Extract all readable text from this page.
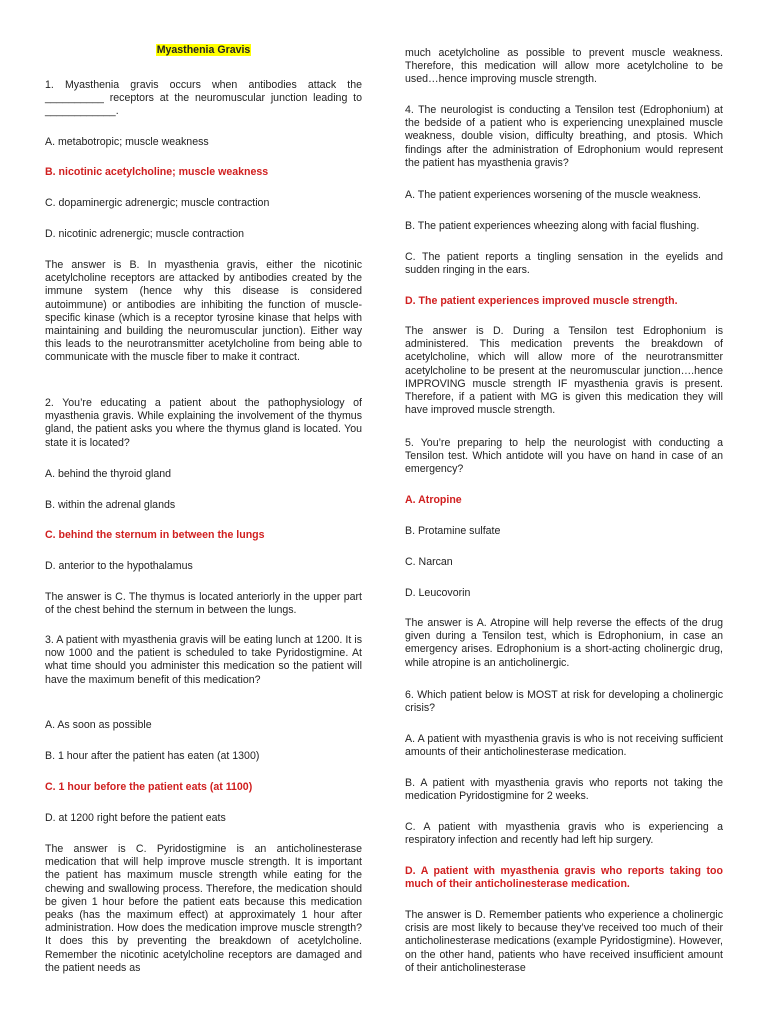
Myasthenia Gravis
1. Myasthenia gravis occurs when antibodies attack the __________ receptors at the neuromuscular junction leading to ____________.
A. metabotropic; muscle weakness
B. nicotinic acetylcholine; muscle weakness
C. dopaminergic adrenergic; muscle contraction
D. nicotinic adrenergic; muscle contraction
The answer is B. In myasthenia gravis, either the nicotinic acetylcholine receptors are attacked by antibodies created by the immune system (hence why this disease is considered autoimmune) or antibodies are inhibiting the function of muscle-specific kinase (which is a receptor tyrosine kinase that helps with maintaining and building the neuromuscular junction). Either way this leads to the neurotransmitter acetylcholine from being able to communicate with the muscle fiber to make it contract.
2. You’re educating a patient about the pathophysiology of myasthenia gravis. While explaining the involvement of the thymus gland, the patient asks you where the thymus gland is located. You state it is located?
A. behind the thyroid gland
B. within the adrenal glands
C. behind the sternum in between the lungs
D. anterior to the hypothalamus
The answer is C. The thymus is located anteriorly in the upper part of the chest behind the sternum in between the lungs.
3. A patient with myasthenia gravis will be eating lunch at 1200. It is now 1000 and the patient is scheduled to take Pyridostigmine. At what time should you administer this medication so the patient will have the maximum benefit of this medication?
A. As soon as possible
B. 1 hour after the patient has eaten (at 1300)
C. 1 hour before the patient eats (at 1100)
D. at 1200 right before the patient eats
The answer is C. Pyridostigmine is an anticholinesterase medication that will help improve muscle strength. It is important the patient has maximum muscle strength while eating for the chewing and swallowing process. Therefore, the medication should be given 1 hour before the patient eats because this medication peaks (has the maximum effect) at approximately 1 hour after administration. How does the medication improve muscle strength? It does this by preventing the breakdown of acetylcholine. Remember the nicotinic acetylcholine receptors are damaged and the patient needs as
much acetylcholine as possible to prevent muscle weakness. Therefore, this medication will allow more acetylcholine to be used…hence improving muscle strength.
4. The neurologist is conducting a Tensilon test (Edrophonium) at the bedside of a patient who is experiencing unexplained muscle weakness, double vision, difficulty breathing, and ptosis. Which findings after the administration of Edrophonium would represent the patient has myasthenia gravis?
A. The patient experiences worsening of the muscle weakness.
B. The patient experiences wheezing along with facial flushing.
C. The patient reports a tingling sensation in the eyelids and sudden ringing in the ears.
D. The patient experiences improved muscle strength.
The answer is D. During a Tensilon test Edrophonium is administered. This medication prevents the breakdown of acetylcholine, which will allow more of the neurotransmitter acetylcholine to be present at the neuromuscular junction….hence IMPROVING muscle strength IF myasthenia gravis is present. Therefore, if a patient with MG is given this medication they will have improved muscle strength.
5. You’re preparing to help the neurologist with conducting a Tensilon test. Which antidote will you have on hand in case of an emergency?
A. Atropine
B. Protamine sulfate
C. Narcan
D. Leucovorin
The answer is A. Atropine will help reverse the effects of the drug given during a Tensilon test, which is Edrophonium, in case an emergency arises. Edrophonium is a short-acting cholinergic drug, while atropine is an anticholinergic.
6. Which patient below is MOST at risk for developing a cholinergic crisis?
A. A patient with myasthenia gravis is who is not receiving sufficient amounts of their anticholinesterase medication.
B. A patient with myasthenia gravis who reports not taking the medication Pyridostigmine for 2 weeks.
C. A patient with myasthenia gravis who is experiencing a respiratory infection and recently had left hip surgery.
D. A patient with myasthenia gravis who reports taking too much of their anticholinesterase medication.
The answer is D. Remember patients who experience a cholinergic crisis are most likely to because they’ve received too much of their anticholinesterase medications (example Pyridostigmine). However, on the other hand, patients who have received insufficient amount of their anticholinesterase
